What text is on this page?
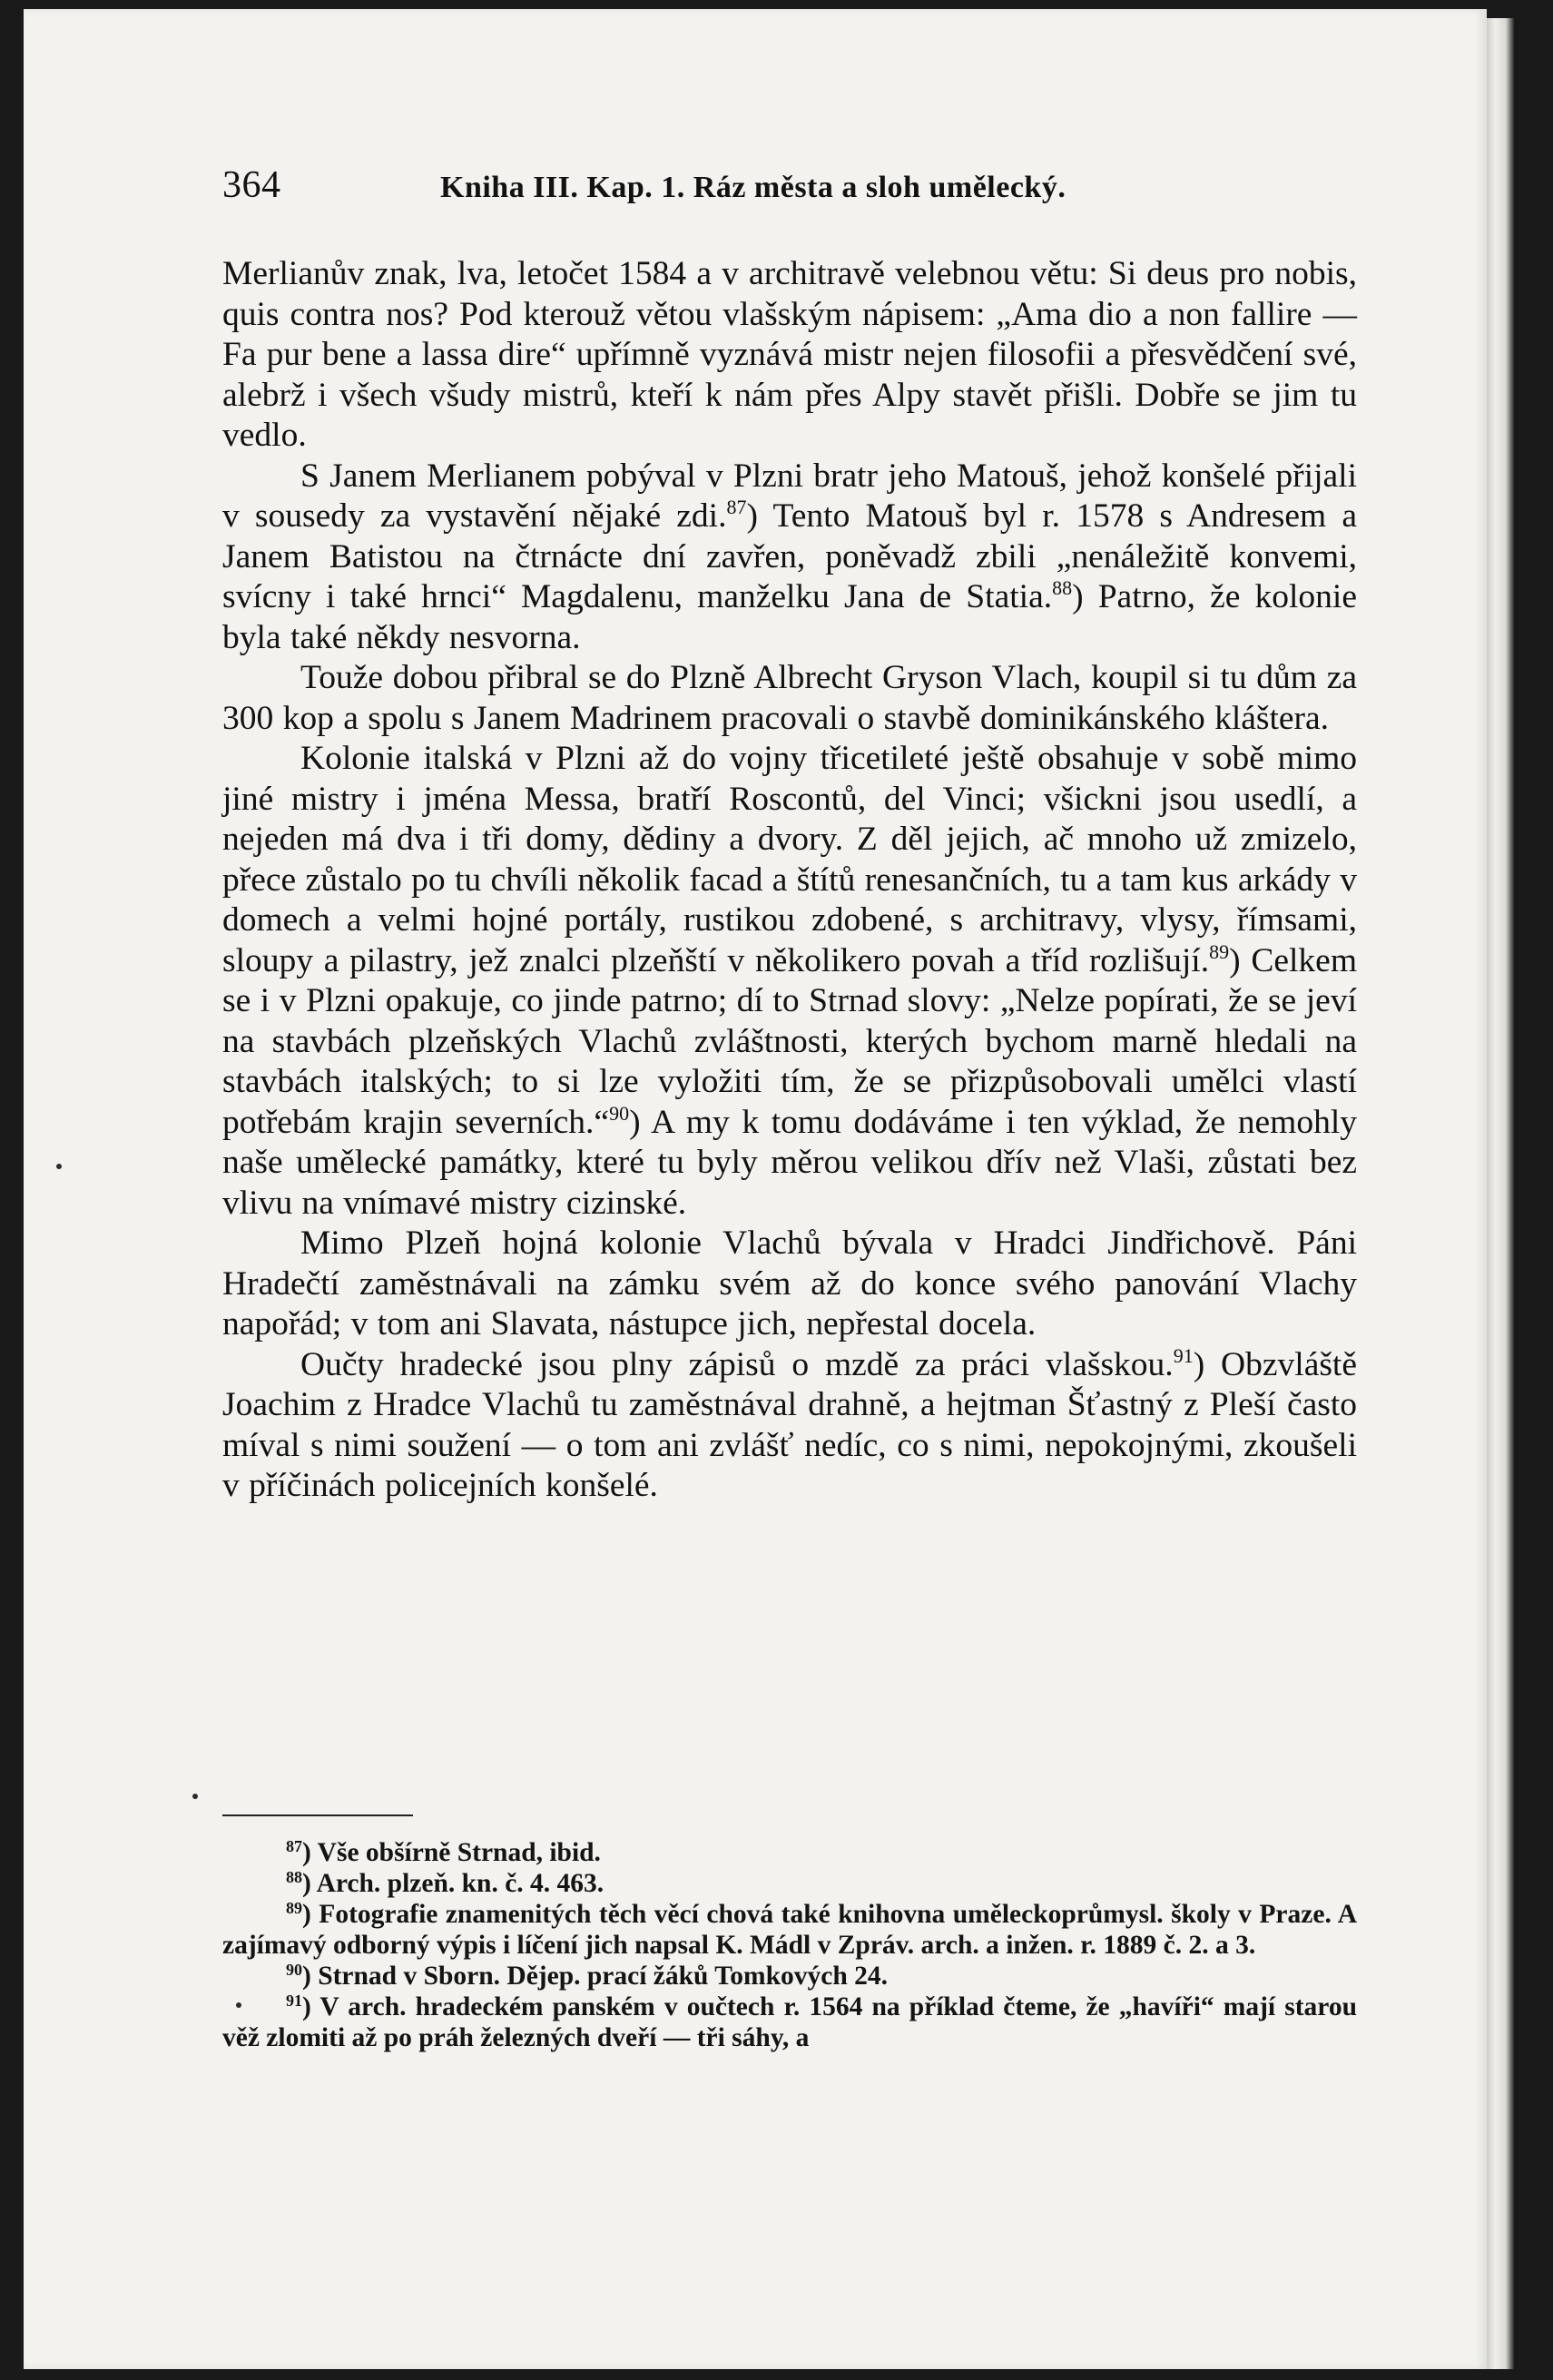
364	Kniha III. Kap. 1. Ráz města a sloh umělecký.

Merlianův znak, lva, letočet 1584 a v architravě velebnou větu: Si deus pro nobis, quis contra nos? Pod kterouž větou vlašským nápisem: „Ama dio a non fallire — Fa pur bene a lassa dire“ upřímně vyznává mistr nejen filosofii a přesvědčení své, alebrž i všech všudy mistrů, kteří k nám přes Alpy stavět přišli. Dobře se jim tu vedlo.

S Janem Merlianem pobýval v Plzni bratr jeho Matouš, jehož konšelé přijali v sousedy za vystavění nějaké zdi.$^{87}$) Tento Matouš byl r. 1578 s Andresem a Janem Batistou na čtrnácte dní zavřen, poněvadž zbili „nenáležitě konvemi, svícny i také hrnci“ Magdalenu, manželku Jana de Statia.$^{88}$) Patrno, že kolonie byla také někdy nesvorna.

Touže dobou přibral se do Plzně Albrecht Gryson Vlach, koupil si tu dům za 300 kop a spolu s Janem Madrinem pracovali o stavbě dominikánského kláštera.

Kolonie italská v Plzni až do vojny třicetileté ještě obsahuje v sobě mimo jiné mistry i jména Messa, bratří Roscontů, del Vinci; všickni jsou usedlí, a nejeden má dva i tři domy, dědiny a dvory. Z děl jejich, ač mnoho už zmizelo, přece zůstalo po tu chvíli několik facad a štítů renesančních, tu a tam kus arkády v domech a velmi hojné portály, rustikou zdobené, s architravy, vlysy, římsami, sloupy a pilastry, jež znalci plzeňští v několikero povah a tříd rozlišují.$^{89}$) Celkem se i v Plzni opakuje, co jinde patrno; dí to Strnad slovy: „Nelze popírati, že se jeví na stavbách plzeňských Vlachů zvláštnosti, kterých bychom marně hledali na stavbách italských; to si lze vyložiti tím, že se přizpůsobovali umělci vlastí potřebám krajin severních.“$^{90}$) A my k tomu dodáváme i ten výklad, že nemohly naše umělecké památky, které tu byly měrou velikou dřív než Vlaši, zůstati bez vlivu na vnímavé mistry cizinské.

Mimo Plzeň hojná kolonie Vlachů bývala v Hradci Jindřichově. Páni Hradečtí zaměstnávali na zámku svém až do konce svého panování Vlachy napořád; v tom ani Slavata, nástupce jich, nepřestal docela.

Oučty hradecké jsou plny zápisů o mzdě za práci vlašskou.$^{91}$) Obzvláště Joachim z Hradce Vlachů tu zaměstnával drahně, a hejtman Šťastný z Pleší často míval s nimi soužení — o tom ani zvlášť nedíc, co s nimi, nepokojnými, zkoušeli v příčinách policejních konšelé.

$^{87}$) Vše obšírně Strnad, ibid.

$^{88}$) Arch. plzeň. kn. č. 4. 463.

$^{89}$) Fotografie znamenitých těch věcí chová také knihovna uměleckoprůmysl. školy v Praze. A zajímavý odborný výpis i líčení jich napsal K. Mádl v Zpráv. arch. a inžen. r. 1889 č. 2. a 3.

$^{90}$) Strnad v Sborn. Dějep. prací žáků Tomkových 24.

$^{91}$) V arch. hradeckém panském v oučtech r. 1564 na příklad čteme, že „havíři“ mají starou věž zlomiti až po práh železných dveří — tři sáhy, a
